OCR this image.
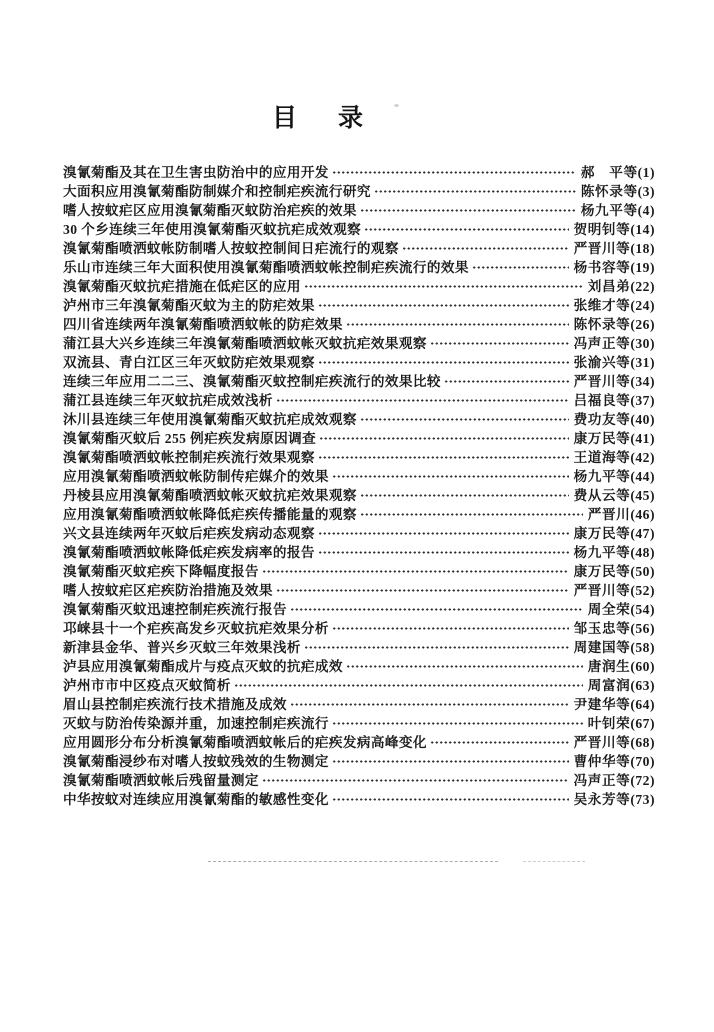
目　录
溴氰菊酯及其在卫生害虫防治中的应用开发	郝　平等 (1)
大面积应用溴氰菊酯防制媒介和控制疟疾流行研究	陈怀录等 (3)
嗜人按蚊疟区应用溴氰菊酯灭蚊防治疟疾的效果	杨九平等 (4)
30 个乡连续三年使用溴氰菊酯灭蚊抗疟成效观察	贺明钊等 (14)
溴氰菊酯喷洒蚊帐防制嗜人按蚊控制间日疟流行的观察	严晋川等 (18)
乐山市连续三年大面积使用溴氰菊酯喷洒蚊帐控制疟疾流行的效果	杨书容等 (19)
溴氰菊酯灭蚊抗疟措施在低疟区的应用	刘昌弟 (22)
泸州市三年溴氰菊酯灭蚊为主的防疟效果	张维才等 (24)
四川省连续两年溴氰菊酯喷洒蚊帐的防疟效果	陈怀录等 (26)
蒲江县大兴乡连续三年溴氰菊酯喷洒蚊帐灭蚊抗疟效果观察	冯声正等 (30)
双流县、青白江区三年灭蚊防疟效果观察	张渝兴等 (31)
连续三年应用二二三、溴氰菊酯灭蚊控制疟疾流行的效果比较	严晋川等 (34)
蒲江县连续三年灭蚊抗疟成效浅析	吕福良等 (37)
沐川县连续三年使用溴氰菊酯灭蚊抗疟成效观察	费功友等 (40)
溴氰菊酯灭蚊后 255 例疟疾发病原因调查	康万民等 (41)
溴氰菊酯喷洒蚊帐控制疟疾流行效果观察	王道海等 (42)
应用溴氰菊酯喷洒蚊帐防制传疟媒介的效果	杨九平等 (44)
丹棱县应用溴氰菊酯喷洒蚊帐灭蚊抗疟效果观察	费从云等 (45)
应用溴氰菊酯喷洒蚊帐降低疟疾传播能量的观察	严晋川 (46)
兴文县连续两年灭蚊后疟疾发病动态观察	康万民等 (47)
溴氰菊酯喷洒蚊帐降低疟疾发病率的报告	杨九平等 (48)
溴氰菊酯灭蚊疟疾下降幅度报告	康万民等 (50)
嗜人按蚊疟区疟疾防治措施及效果	严晋川等 (52)
溴氰菊酯灭蚊迅速控制疟疾流行报告	周全荣 (54)
邛崃县十一个疟疾高发乡灭蚊抗疟效果分析	邹玉忠等 (56)
新津县金华、普兴乡灭蚊三年效果浅析	周建国等 (58)
泸县应用溴氰菊酯成片与疫点灭蚊的抗疟成效	唐润生 (60)
泸州市市中区疫点灭蚊简析	周富润 (63)
眉山县控制疟疾流行技术措施及成效	尹建华等 (64)
灭蚊与防治传染源并重，加速控制疟疾流行	叶钊荣 (67)
应用圆形分布分析溴氰菊酯喷洒蚊帐后的疟疾发病高峰变化	严晋川等 (68)
溴氰菊酯浸纱布对嗜人按蚊残效的生物测定	曹仲华等 (70)
溴氰菊酯喷洒蚊帐后残留量测定	冯声正等 (72)
中华按蚊对连续应用溴氰菊酯的敏感性变化	吴永芳等 (73)
